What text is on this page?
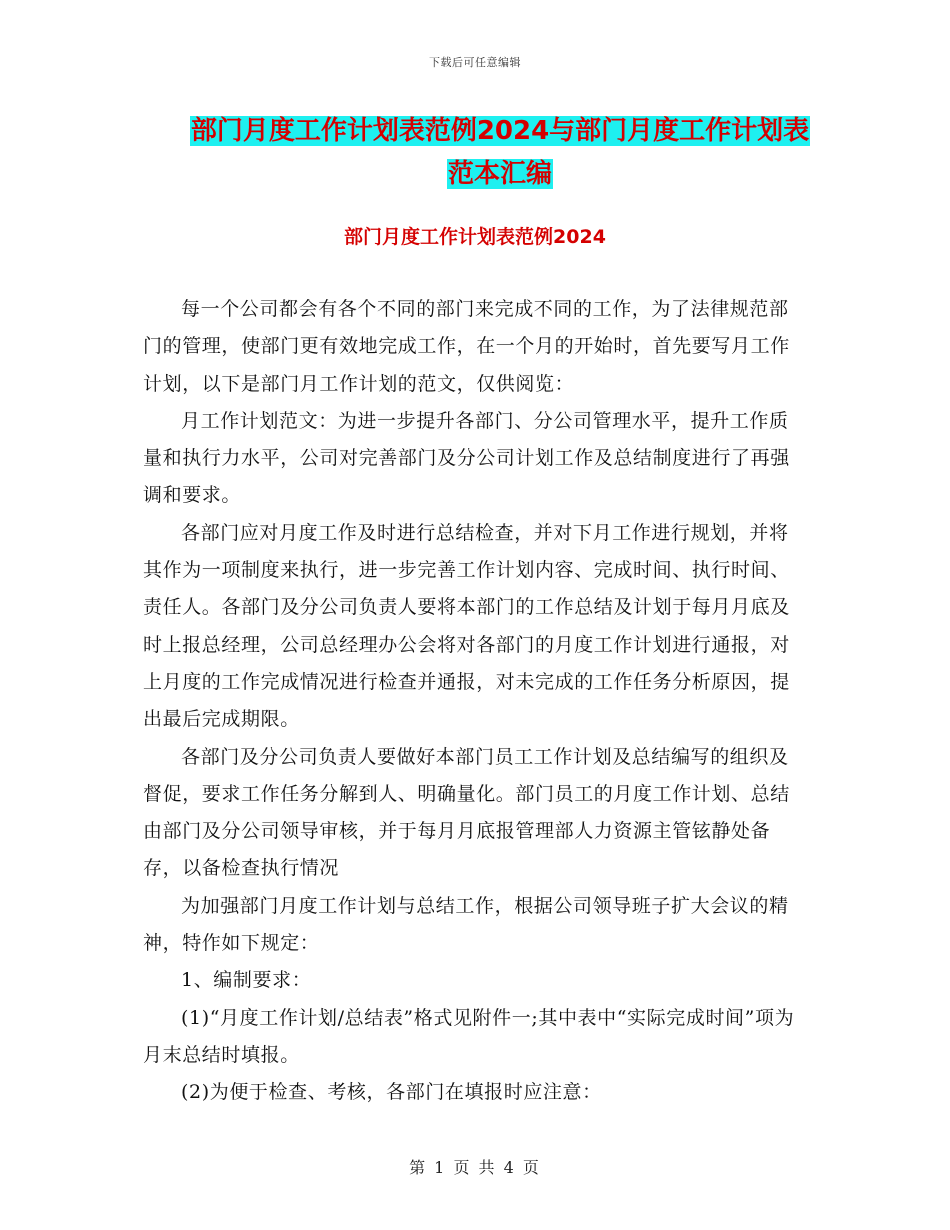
下载后可任意编辑
部门月度工作计划表范例2024与部门月度工作计划表
范本汇编
部门月度工作计划表范例2024

每一个公司都会有各个不同的部门来完成不同的工作，为了法律规范部门的管理，使部门更有效地完成工作，在一个月的开始时，首先要写月工作计划，以下是部门月工作计划的范文，仅供阅览：

月工作计划范文：为进一步提升各部门、分公司管理水平，提升工作质量和执行力水平，公司对完善部门及分公司计划工作及总结制度进行了再强调和要求。

各部门应对月度工作及时进行总结检查，并对下月工作进行规划，并将其作为一项制度来执行，进一步完善工作计划内容、完成时间、执行时间、责任人。各部门及分公司负责人要将本部门的工作总结及计划于每月月底及时上报总经理，公司总经理办公会将对各部门的月度工作计划进行通报，对上月度的工作完成情况进行检查并通报，对未完成的工作任务分析原因，提出最后完成期限。

各部门及分公司负责人要做好本部门员工工作计划及总结编写的组织及督促，要求工作任务分解到人、明确量化。部门员工的月度工作计划、总结由部门及分公司领导审核，并于每月月底报管理部人力资源主管铉静处备存，以备检查执行情况

为加强部门月度工作计划与总结工作，根据公司领导班子扩大会议的精神，特作如下规定：

1、编制要求：

(1)“月度工作计划/总结表”格式见附件一;其中表中“实际完成时间”项为月末总结时填报。

(2)为便于检查、考核，各部门在填报时应注意：

第 1 页 共 4 页
